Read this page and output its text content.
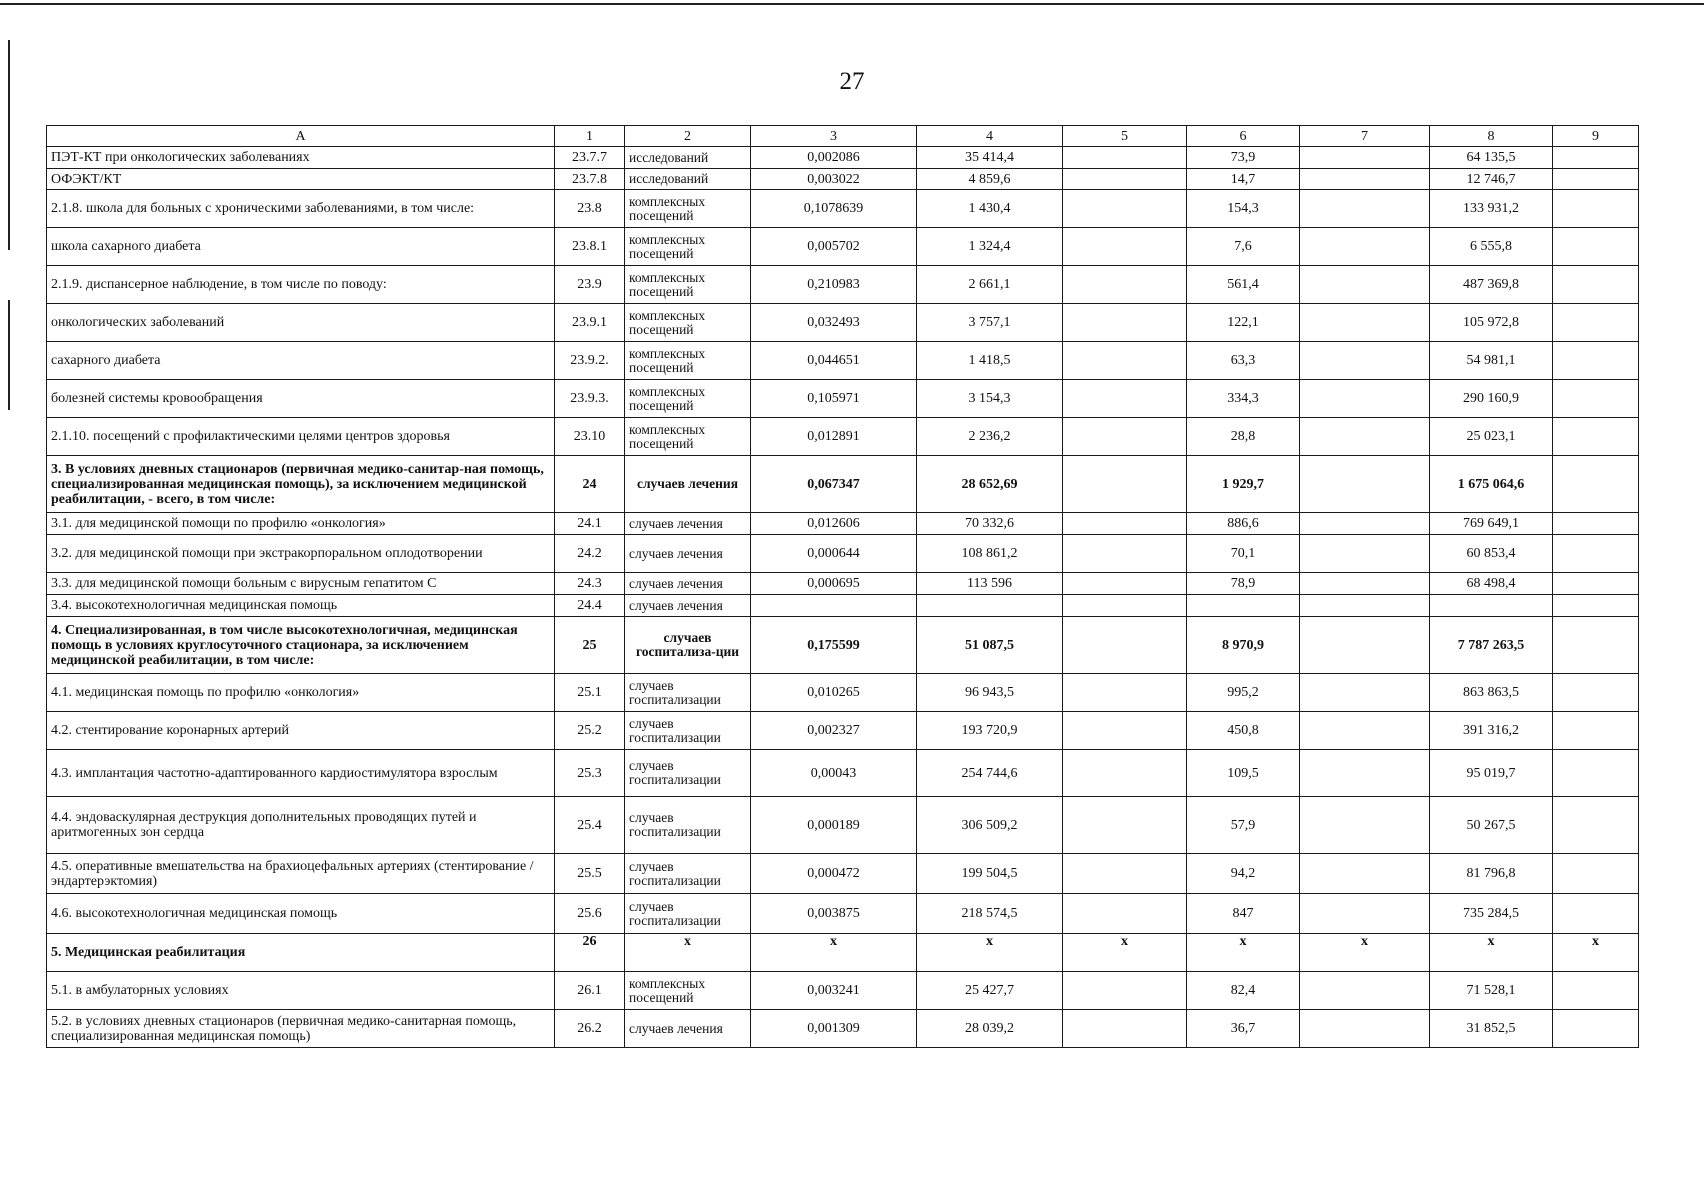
27
A	1	2	3	4	5	6	7	8	9
ПЭТ-КТ при онкологических заболеваниях	23.7.7	исследований	0,002086	35 414,4		73,9		64 135,5	
ОФЭКТ/КТ	23.7.8	исследований	0,003022	4 859,6		14,7		12 746,7	
2.1.8. школа для больных с хроническими заболеваниями, в том числе:	23.8	комплексных посещений	0,1078639	1 430,4		154,3		133 931,2	
школа сахарного диабета	23.8.1	комплексных посещений	0,005702	1 324,4		7,6		6 555,8	
2.1.9. диспансерное наблюдение, в том числе по поводу:	23.9	комплексных посещений	0,210983	2 661,1		561,4		487 369,8	
онкологических заболеваний	23.9.1	комплексных посещений	0,032493	3 757,1		122,1		105 972,8	
сахарного диабета	23.9.2.	комплексных посещений	0,044651	1 418,5		63,3		54 981,1	
болезней системы кровообращения	23.9.3.	комплексных посещений	0,105971	3 154,3		334,3		290 160,9	
2.1.10. посещений с профилактическими целями центров здоровья	23.10	комплексных посещений	0,012891	2 236,2		28,8		25 023,1	
3. В условиях дневных стационаров (первичная медико-санитар-ная помощь, специализированная медицинская помощь), за исключением медицинской реабилитации, - всего, в том числе:	24	случаев лечения	0,067347	28 652,69		1 929,7		1 675 064,6	
3.1. для медицинской помощи по профилю «онкология»	24.1	случаев лечения	0,012606	70 332,6		886,6		769 649,1	
3.2. для медицинской помощи при экстракорпоральном оплодотворении	24.2	случаев лечения	0,000644	108 861,2		70,1		60 853,4	
3.3. для медицинской помощи больным с вирусным гепатитом С	24.3	случаев лечения	0,000695	113 596		78,9		68 498,4	
3.4. высокотехнологичная медицинская помощь	24.4	случаев лечения							
4. Специализированная, в том числе высокотехнологичная, медицинская помощь в условиях круглосуточного стационара, за исключением медицинской реабилитации, в том числе:	25	случаев госпитализа-ции	0,175599	51 087,5		8 970,9		7 787 263,5	
4.1. медицинская помощь по профилю «онкология»	25.1	случаев госпитализации	0,010265	96 943,5		995,2		863 863,5	
4.2. стентирование коронарных артерий	25.2	случаев госпитализации	0,002327	193 720,9		450,8		391 316,2	
4.3. имплантация частотно-адаптированного кардиостимулятора взрослым	25.3	случаев госпитализации	0,00043	254 744,6		109,5		95 019,7	
4.4. эндоваскулярная деструкция дополнительных проводящих путей и аритмогенных зон сердца	25.4	случаев госпитализации	0,000189	306 509,2		57,9		50 267,5	
4.5. оперативные вмешательства на брахиоцефальных артериях (стентирование / эндартерэктомия)	25.5	случаев госпитализации	0,000472	199 504,5		94,2		81 796,8	
4.6. высокотехнологичная медицинская помощь	25.6	случаев госпитализации	0,003875	218 574,5		847		735 284,5	
5. Медицинская реабилитация	26	х	х	х	х	х	х	х	х
5.1. в амбулаторных условиях	26.1	комплексных посещений	0,003241	25 427,7		82,4		71 528,1	
5.2. в условиях дневных стационаров (первичная медико-санитарная помощь, специализированная медицинская помощь)	26.2	случаев лечения	0,001309	28 039,2		36,7		31 852,5	
